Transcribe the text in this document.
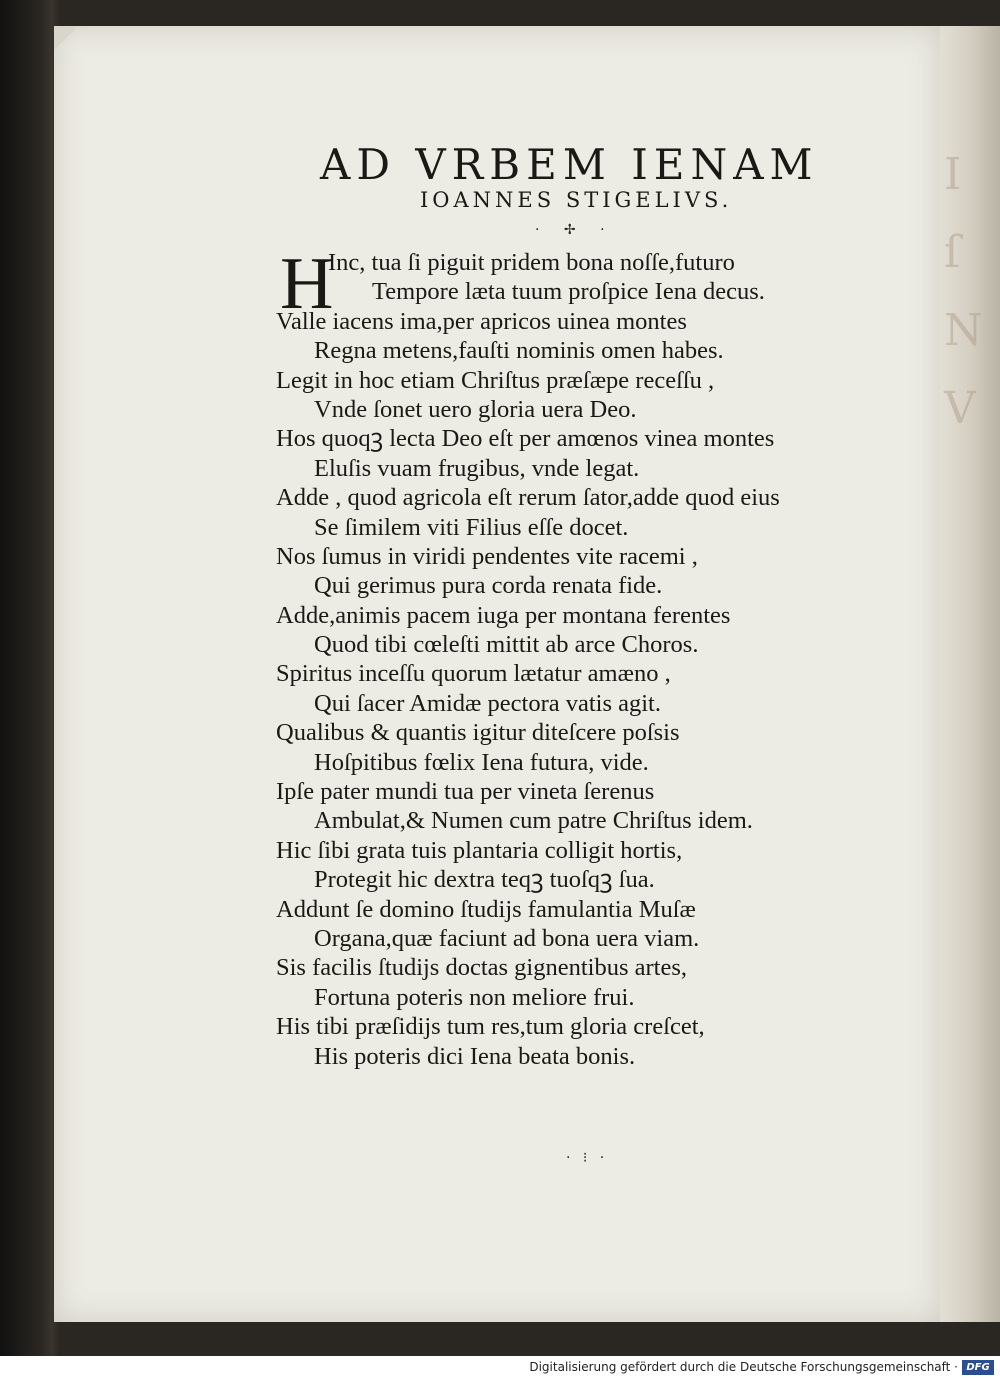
I
ſ
N
V
AD VRBEM IENAM
IOANNES STIGELIVS.
· ✢ ·
H
Inc, tua ſi piguit pridem bona noſſe,futuro
Tempore læta tuum proſpice Iena decus.
Valle iacens ima,per apricos uinea montes
Regna metens,fauſti nominis omen habes.
Legit in hoc etiam Chriſtus præſæpe receſſu ,
Vnde ſonet uero gloria uera Deo.
Hos quoqꝫ lecta Deo eſt per amœnos vinea montes
Eluſis vuam frugibus, vnde legat.
Adde , quod agricola eſt rerum ſator,adde quod eius
Se ſimilem viti Filius eſſe docet.
Nos ſumus in viridi pendentes vite racemi ,
Qui gerimus pura corda renata fide.
Adde,animis pacem iuga per montana ferentes
Quod tibi cœleſti mittit ab arce Choros.
Spiritus inceſſu quorum lætatur amæno ,
Qui ſacer Amidæ pectora vatis agit.
Qualibus & quantis igitur diteſcere poſsis
Hoſpitibus fœlix Iena futura, vide.
Ipſe pater mundi tua per vineta ſerenus
Ambulat,& Numen cum patre Chriſtus idem.
Hic ſibi grata tuis plantaria colligit hortis,
Protegit hic dextra teqꝫ tuoſqꝫ ſua.
Addunt ſe domino ſtudijs famulantia Muſæ
Organa,quæ faciunt ad bona uera viam.
Sis facilis ſtudijs doctas gignentibus artes,
Fortuna poteris non meliore frui.
His tibi præſidijs tum res,tum gloria creſcet,
His poteris dici Iena beata bonis.
· ⁝ ·
Digitalisierung gefördert durch die Deutsche Forschungsgemeinschaft · DFG
